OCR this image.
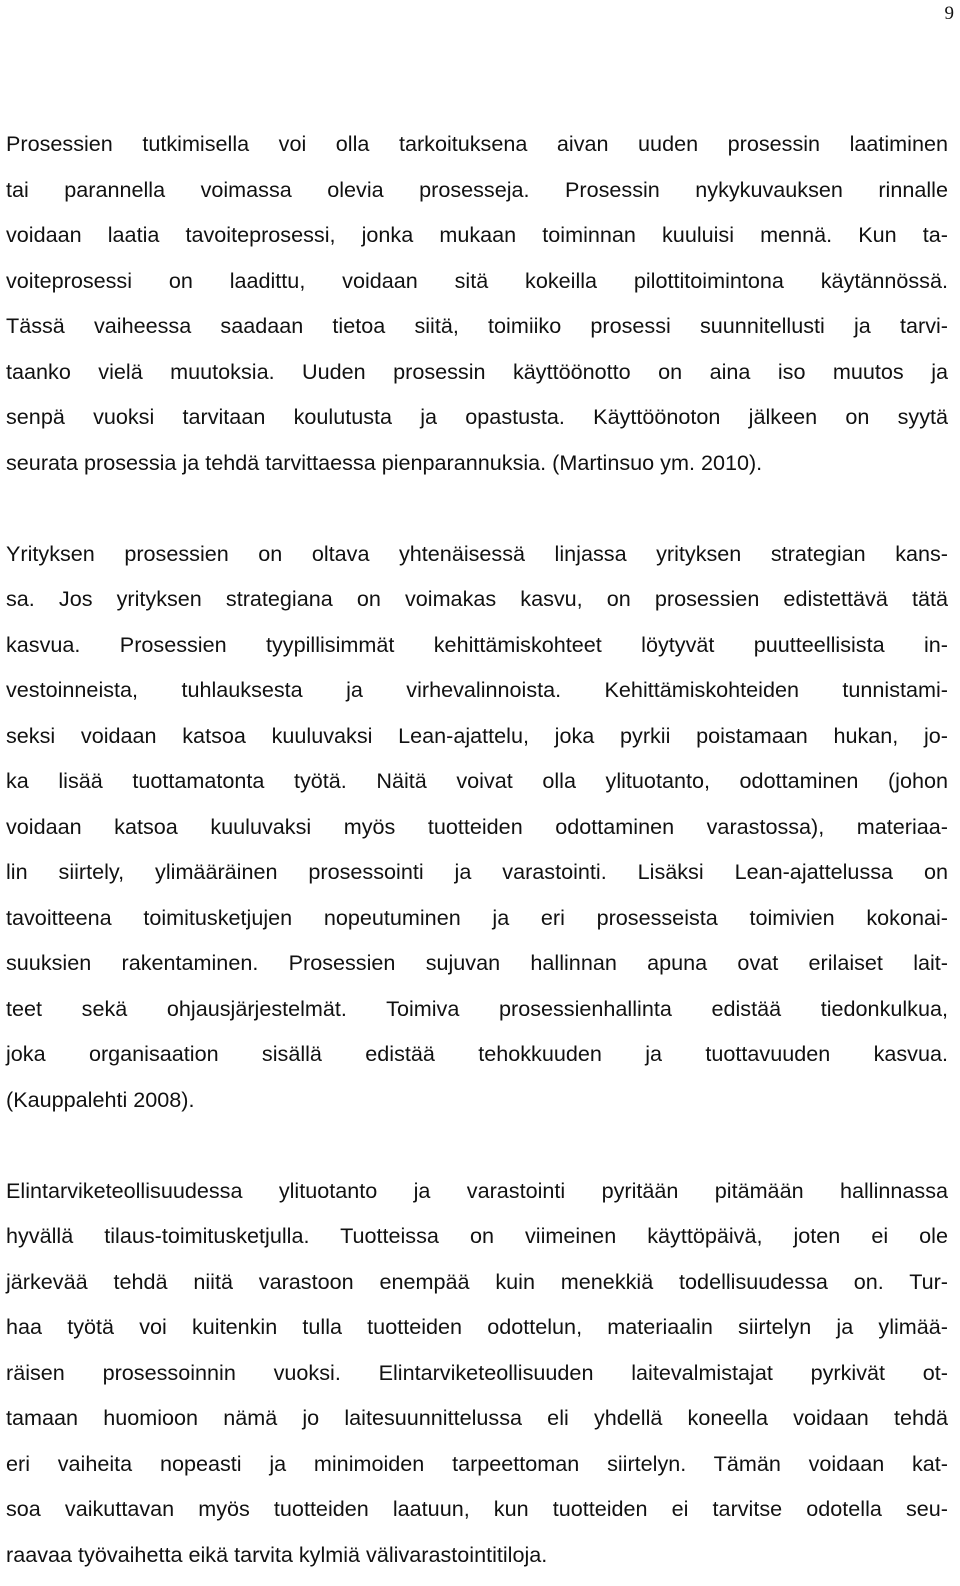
9
Prosessien tutkimisella voi olla tarkoituksena aivan uuden prosessin laatiminen
tai parannella voimassa olevia prosesseja. Prosessin nykykuvauksen rinnalle
voidaan laatia tavoiteprosessi, jonka mukaan toiminnan kuuluisi mennä. Kun ta-
voiteprosessi on laadittu, voidaan sitä kokeilla pilottitoimintona käytännössä.
Tässä vaiheessa saadaan tietoa siitä, toimiiko prosessi suunnitellusti ja tarvi-
taanko vielä muutoksia. Uuden prosessin käyttöönotto on aina iso muutos ja
senpä vuoksi tarvitaan koulutusta ja opastusta. Käyttöönoton jälkeen on syytä
seurata prosessia ja tehdä tarvittaessa pienparannuksia. (Martinsuo ym. 2010).
Yrityksen prosessien on oltava yhtenäisessä linjassa yrityksen strategian kans-
sa. Jos yrityksen strategiana on voimakas kasvu, on prosessien edistettävä tätä
kasvua. Prosessien tyypillisimmät kehittämiskohteet löytyvät puutteellisista in-
vestoinneista, tuhlauksesta ja virhevalinnoista. Kehittämiskohteiden tunnistami-
seksi voidaan katsoa kuuluvaksi Lean-ajattelu, joka pyrkii poistamaan hukan, jo-
ka lisää tuottamatonta työtä. Näitä voivat olla ylituotanto, odottaminen (johon
voidaan katsoa kuuluvaksi myös tuotteiden odottaminen varastossa), materiaa-
lin siirtely, ylimääräinen prosessointi ja varastointi. Lisäksi Lean-ajattelussa on
tavoitteena toimitusketjujen nopeutuminen ja eri prosesseista toimivien kokonai-
suuksien rakentaminen. Prosessien sujuvan hallinnan apuna ovat erilaiset lait-
teet sekä ohjausjärjestelmät. Toimiva prosessienhallinta edistää tiedonkulkua,
joka organisaation sisällä edistää tehokkuuden ja tuottavuuden kasvua.
(Kauppalehti 2008).
Elintarviketeollisuudessa ylituotanto ja varastointi pyritään pitämään hallinnassa
hyvällä tilaus-toimitusketjulla. Tuotteissa on viimeinen käyttöpäivä, joten ei ole
järkevää tehdä niitä varastoon enempää kuin menekkiä todellisuudessa on. Tur-
haa työtä voi kuitenkin tulla tuotteiden odottelun, materiaalin siirtelyn ja ylimää-
räisen prosessoinnin vuoksi. Elintarviketeollisuuden laitevalmistajat pyrkivät ot-
tamaan huomioon nämä jo laitesuunnittelussa eli yhdellä koneella voidaan tehdä
eri vaiheita nopeasti ja minimoiden tarpeettoman siirtelyn. Tämän voidaan kat-
soa vaikuttavan myös tuotteiden laatuun, kun tuotteiden ei tarvitse odotella seu-
raavaa työvaihetta eikä tarvita kylmiä välivarastointitiloja.
